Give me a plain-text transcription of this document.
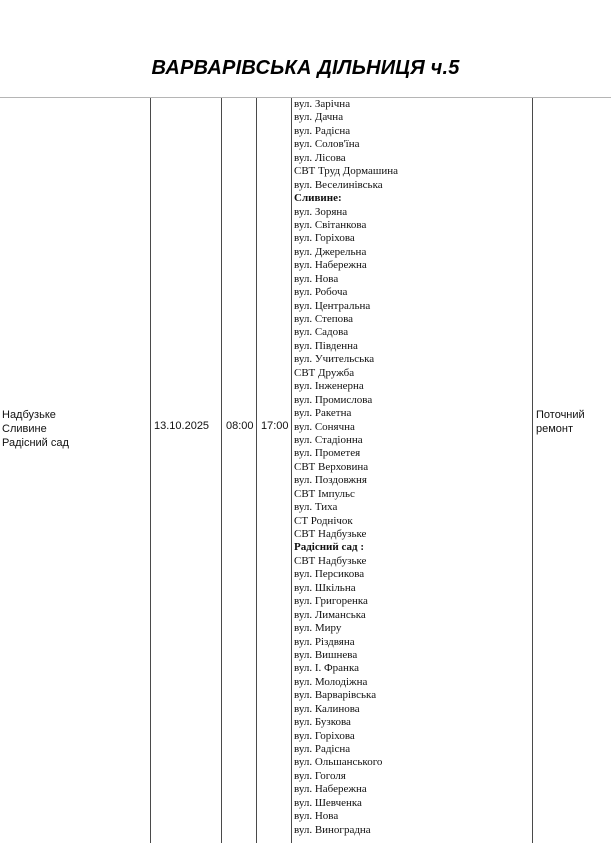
ВАРВАРІВСЬКА ДІЛЬНИЦЯ ч.5
Надбузьке
Сливине
Радісний сад
13.10.2025 08:00 17:00
Поточний
ремонт
вул. Зарічна
вул. Дачна
вул. Радісна
вул. Солов'їна
вул. Лісова
СВТ Труд Дормашина
вул. Веселинівська
Сливине:
вул. Зоряна
вул. Світанкова
вул. Горіхова
вул. Джерельна
вул. Набережна
вул. Нова
вул. Робоча
вул. Центральна
вул. Степова
вул. Садова
вул. Південна
вул. Учительська
СВТ Дружба
вул. Інженерна
вул. Промислова
вул. Ракетна
вул. Сонячна
вул. Стадіонна
вул. Прометея
СВТ Верховина
вул. Поздовжня
СВТ Імпульс
вул. Тиха
СТ Роднічок
СВТ Надбузьке
Радісний сад :
СВТ Надбузьке
вул. Персикова
вул. Шкільна
вул. Григоренка
вул. Лиманська
вул. Миру
вул. Різдвяна
вул. Вишнева
вул. І. Франка
вул. Молодіжна
вул. Варварівська
вул. Калинова
вул. Бузкова
вул. Горіхова
вул. Радісна
вул. Ольшанського
вул. Гоголя
вул. Набережна
вул. Шевченка
вул. Нова
вул. Виноградна
